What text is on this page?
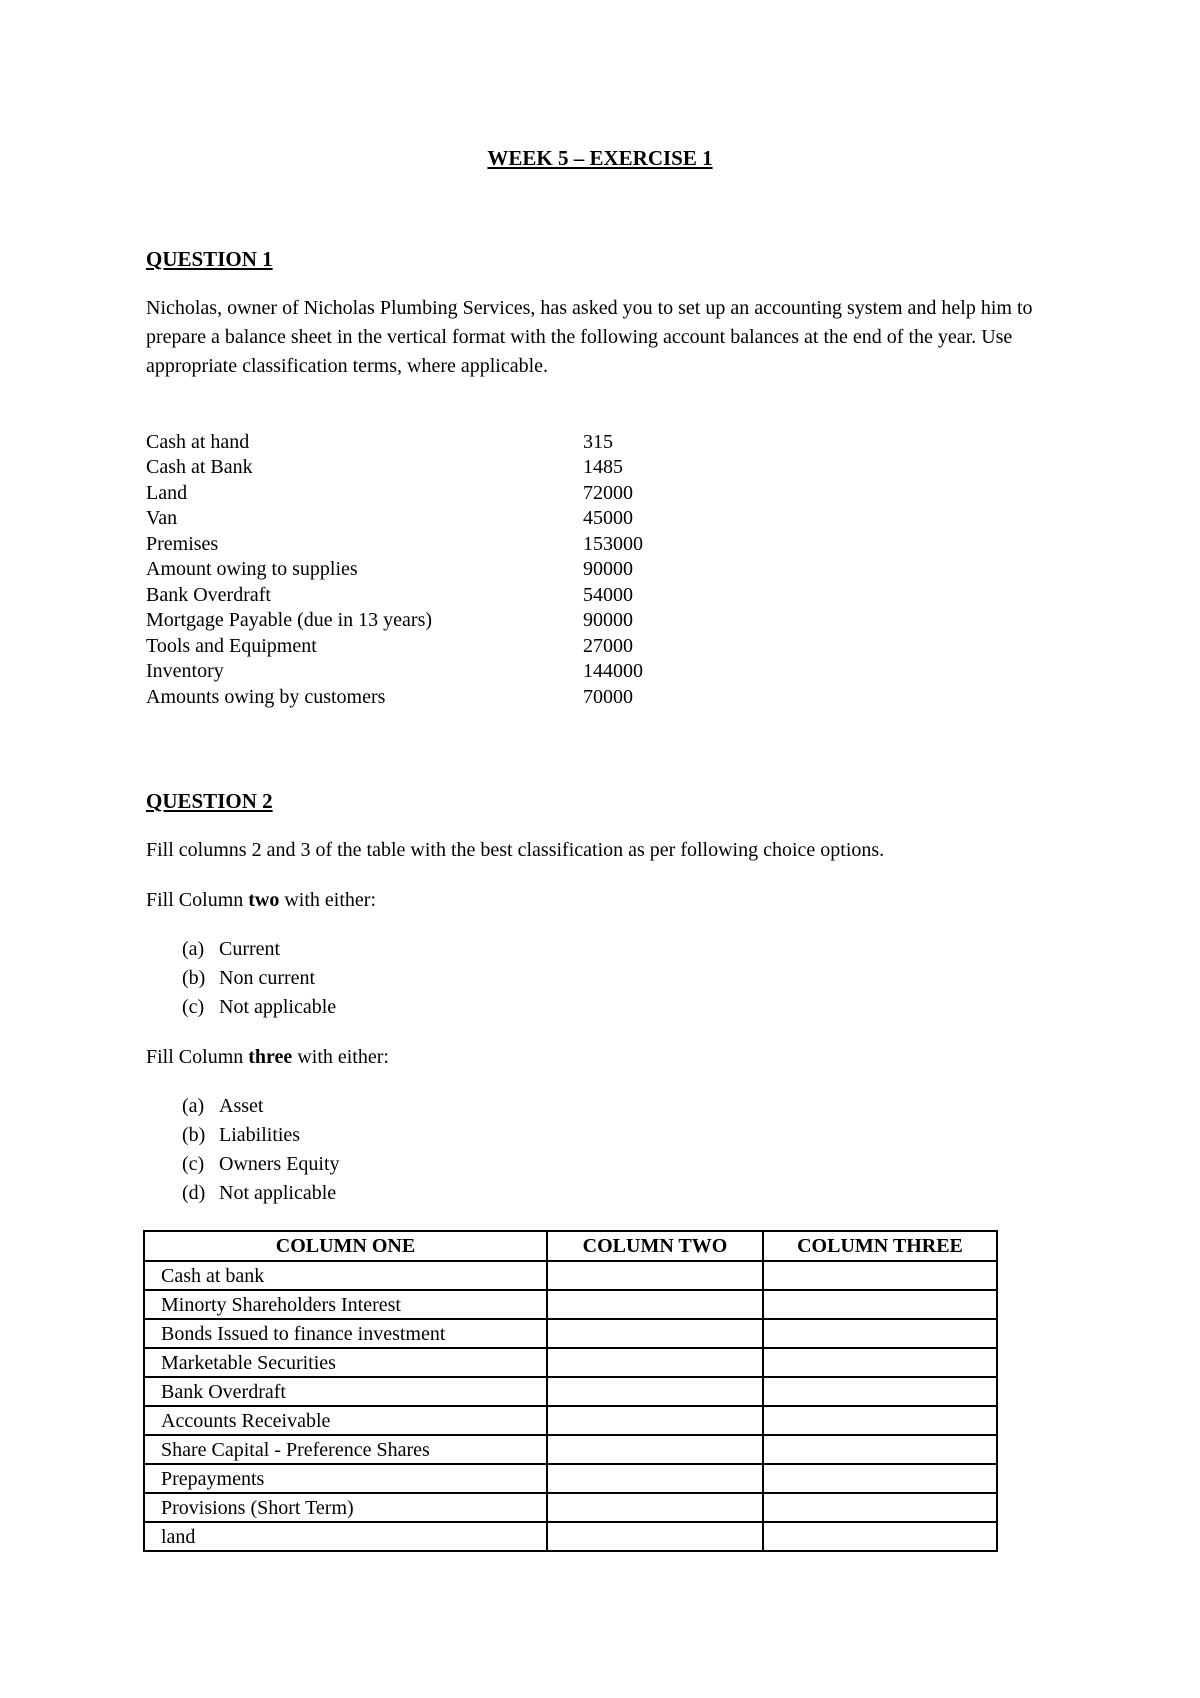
WEEK 5 – EXERCISE 1
QUESTION 1
Nicholas, owner of Nicholas Plumbing Services, has asked you to set up an accounting system and help him to prepare a balance sheet in the vertical format with the following account balances at the end of the year. Use appropriate classification terms, where applicable.
Cash at hand	315
Cash at Bank	1485
Land	72000
Van	45000
Premises	153000
Amount owing to supplies	90000
Bank Overdraft	54000
Mortgage Payable (due in 13 years)	90000
Tools and Equipment	27000
Inventory	144000
Amounts owing by customers	70000
QUESTION 2
Fill columns 2 and 3 of the table with the best classification as per following choice options.
Fill Column two with either:
(a) Current
(b) Non current
(c) Not applicable
Fill Column three with either:
(a) Asset
(b) Liabilities
(c) Owners Equity
(d) Not applicable
COLUMN ONE	COLUMN TWO	COLUMN THREE
Cash at bank		
Minorty Shareholders Interest		
Bonds Issued to finance investment		
Marketable Securities		
Bank Overdraft		
Accounts Receivable		
Share Capital - Preference Shares		
Prepayments		
Provisions (Short Term)		
land		
